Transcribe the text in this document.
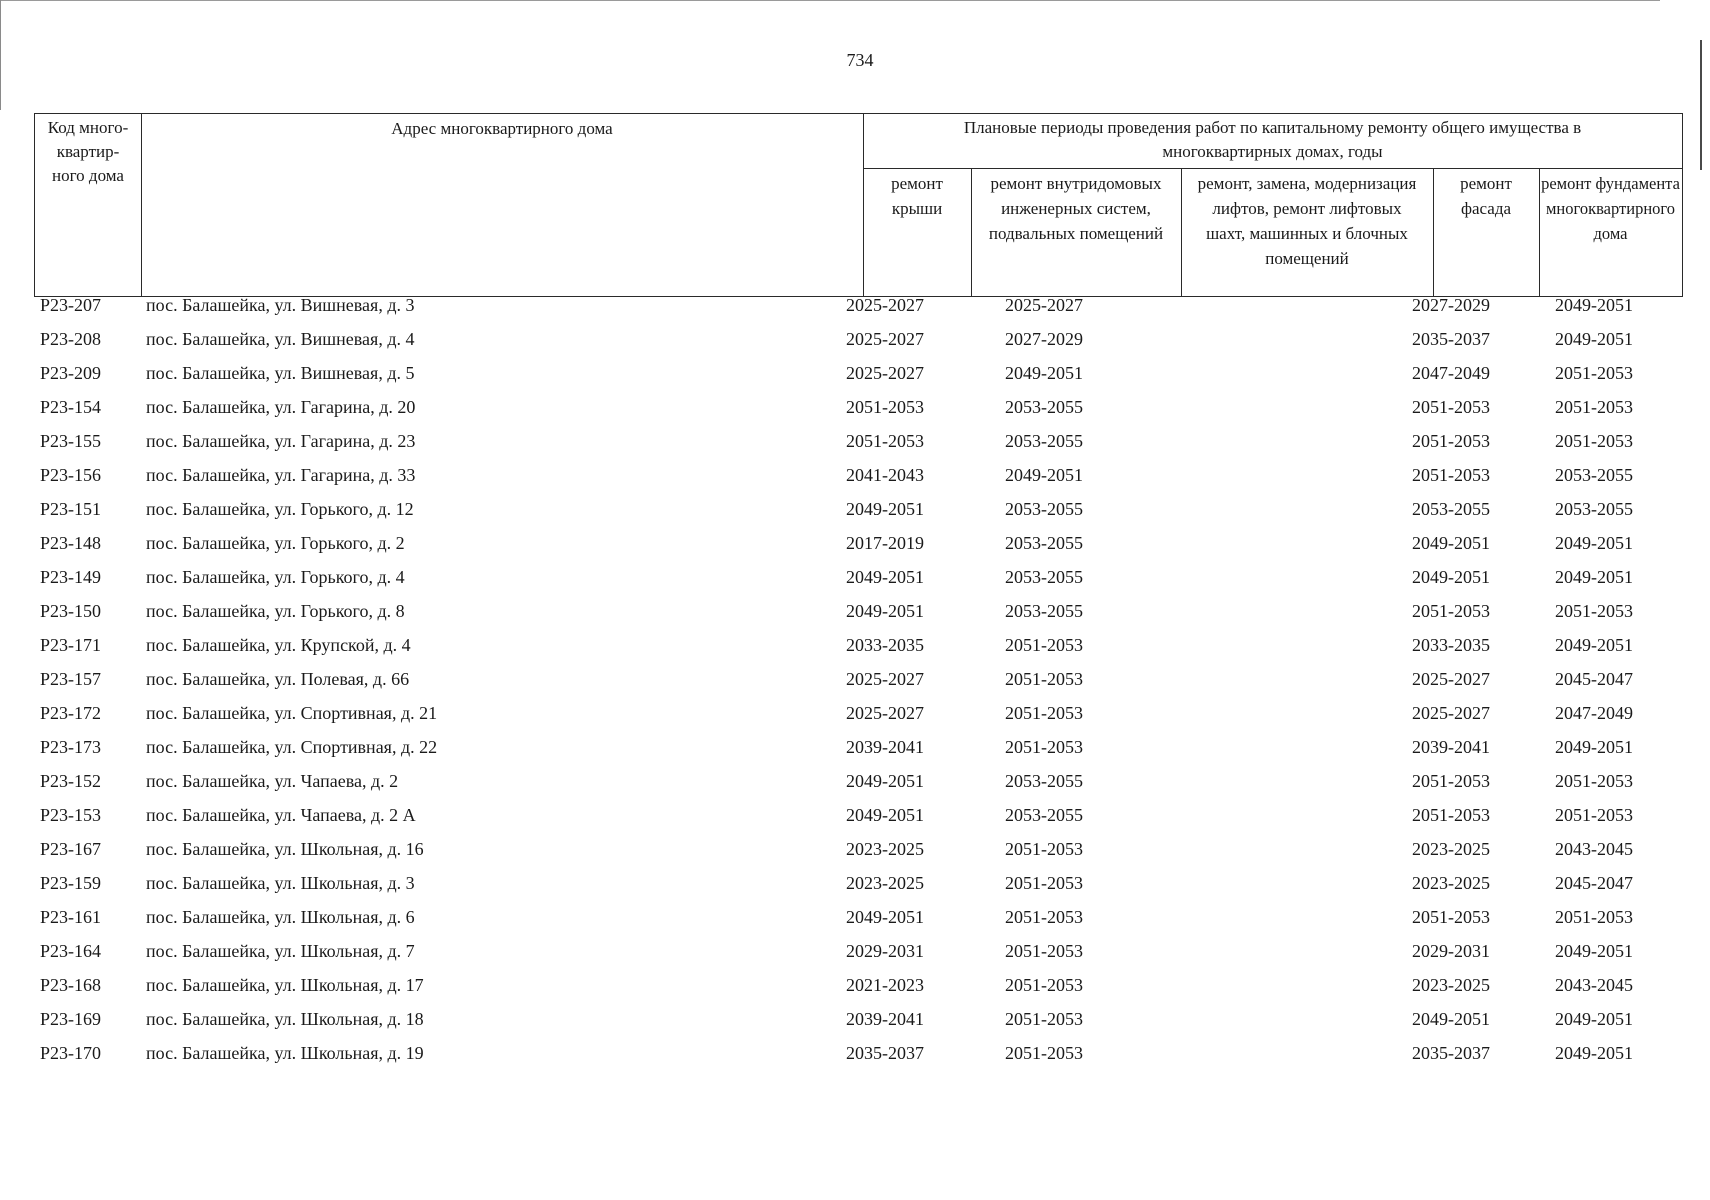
734
Код много-квартир-ного дома
Адрес многоквартирного дома	Плановые периоды проведения работ по капитальному ремонту общего имущества в многоквартирных домах, годы
ремонт крыши
ремонт внутридомовых инженерных систем, подвальных помещений
ремонт, замена, модернизация лифтов, ремонт лифтовых шахт, машинных и блочных помещений
ремонт фасада
ремонт фундамента многоквартирного дома
Р23-207	пос. Балашейка, ул. Вишневая, д. 3	2025-2027	2025-2027	2027-2029	2049-2051
Р23-208	пос. Балашейка, ул. Вишневая, д. 4	2025-2027	2027-2029	2035-2037	2049-2051
Р23-209	пос. Балашейка, ул. Вишневая, д. 5	2025-2027	2049-2051	2047-2049	2051-2053
Р23-154	пос. Балашейка, ул. Гагарина, д. 20	2051-2053	2053-2055	2051-2053	2051-2053
Р23-155	пос. Балашейка, ул. Гагарина, д. 23	2051-2053	2053-2055	2051-2053	2051-2053
Р23-156	пос. Балашейка, ул. Гагарина, д. 33	2041-2043	2049-2051	2051-2053	2053-2055
Р23-151	пос. Балашейка, ул. Горького, д. 12	2049-2051	2053-2055	2053-2055	2053-2055
Р23-148	пос. Балашейка, ул. Горького, д. 2	2017-2019	2053-2055	2049-2051	2049-2051
Р23-149	пос. Балашейка, ул. Горького, д. 4	2049-2051	2053-2055	2049-2051	2049-2051
Р23-150	пос. Балашейка, ул. Горького, д. 8	2049-2051	2053-2055	2051-2053	2051-2053
Р23-171	пос. Балашейка, ул. Крупской, д. 4	2033-2035	2051-2053	2033-2035	2049-2051
Р23-157	пос. Балашейка, ул. Полевая, д. 66	2025-2027	2051-2053	2025-2027	2045-2047
Р23-172	пос. Балашейка, ул. Спортивная, д. 21	2025-2027	2051-2053	2025-2027	2047-2049
Р23-173	пос. Балашейка, ул. Спортивная, д. 22	2039-2041	2051-2053	2039-2041	2049-2051
Р23-152	пос. Балашейка, ул. Чапаева, д. 2	2049-2051	2053-2055	2051-2053	2051-2053
Р23-153	пос. Балашейка, ул. Чапаева, д. 2 А	2049-2051	2053-2055	2051-2053	2051-2053
Р23-167	пос. Балашейка, ул. Школьная, д. 16	2023-2025	2051-2053	2023-2025	2043-2045
Р23-159	пос. Балашейка, ул. Школьная, д. 3	2023-2025	2051-2053	2023-2025	2045-2047
Р23-161	пос. Балашейка, ул. Школьная, д. 6	2049-2051	2051-2053	2051-2053	2051-2053
Р23-164	пос. Балашейка, ул. Школьная, д. 7	2029-2031	2051-2053	2029-2031	2049-2051
Р23-168	пос. Балашейка, ул. Школьная, д. 17	2021-2023	2051-2053	2023-2025	2043-2045
Р23-169	пос. Балашейка, ул. Школьная, д. 18	2039-2041	2051-2053	2049-2051	2049-2051
Р23-170	пос. Балашейка, ул. Школьная, д. 19	2035-2037	2051-2053	2035-2037	2049-2051
